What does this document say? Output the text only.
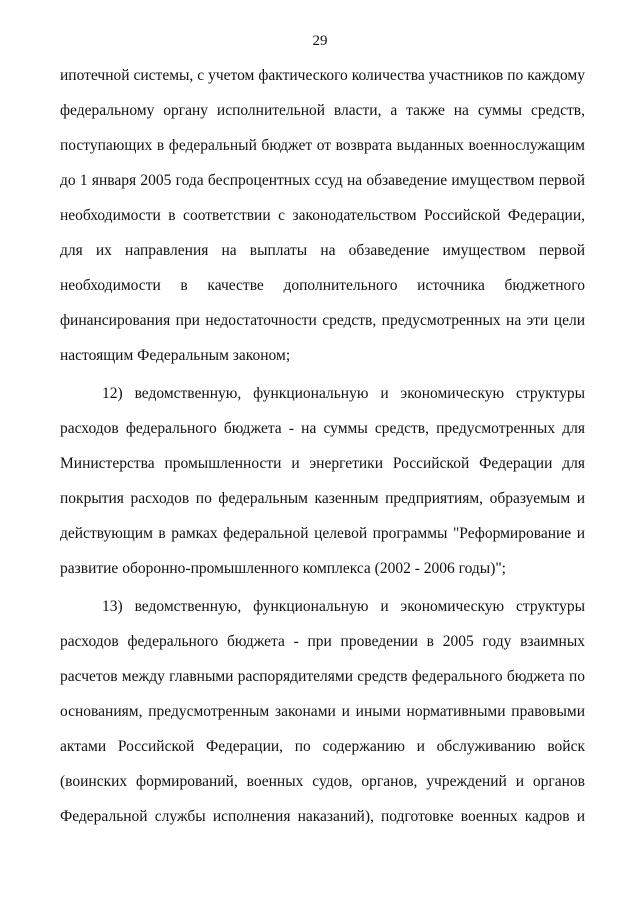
29
ипотечной системы, с учетом фактического количества участников по каждому
федеральному органу исполнительной власти, а также на суммы средств,
поступающих в федеральный бюджет от возврата выданных военнослужащим
до 1 января 2005 года беспроцентных ссуд на обзаведение имуществом первой
необходимости в соответствии с законодательством Российской Федерации,
для их направления на выплаты на обзаведение имуществом первой
необходимости в качестве дополнительного источника бюджетного
финансирования при недостаточности средств, предусмотренных на эти цели
настоящим Федеральным законом;
12) ведомственную, функциональную и экономическую структуры
расходов федерального бюджета - на суммы средств, предусмотренных для
Министерства промышленности и энергетики Российской Федерации для
покрытия расходов по федеральным казенным предприятиям, образуемым и
действующим в рамках федеральной целевой программы "Реформирование и
развитие оборонно-промышленного комплекса (2002 - 2006 годы)";
13) ведомственную, функциональную и экономическую структуры
расходов федерального бюджета - при проведении в 2005 году взаимных
расчетов между главными распорядителями средств федерального бюджета по
основаниям, предусмотренным законами и иными нормативными правовыми
актами Российской Федерации, по содержанию и обслуживанию войск
(воинских формирований, военных судов, органов, учреждений и органов
Федеральной службы исполнения наказаний), подготовке военных кадров и
